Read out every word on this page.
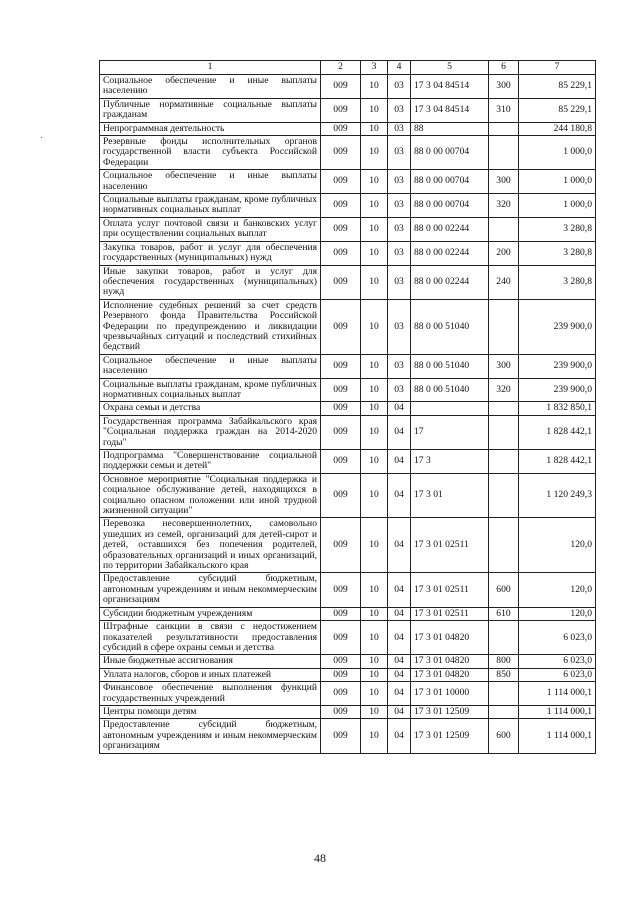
·
1	2	3	4	5	6	7
Социальное обеспечение и иные выплаты населению	009	10	03	17 3 04 84514	300	85 229,1
Публичные нормативные социальные выплаты гражданам	009	10	03	17 3 04 84514	310	85 229,1
Непрограммная деятельность	009	10	03	88		244 180,8
Резервные фонды исполнительных органов государственной власти субъекта Российской Федерации	009	10	03	88 0 00 00704		1 000,0
Социальное обеспечение и иные выплаты населению	009	10	03	88 0 00 00704	300	1 000,0
Социальные выплаты гражданам, кроме публичных нормативных социальных выплат	009	10	03	88 0 00 00704	320	1 000,0
Оплата услуг почтовой связи и банковских услуг при осуществлении социальных выплат	009	10	03	88 0 00 02244		3 280,8
Закупка товаров, работ и услуг для обеспечения государственных (муниципальных) нужд	009	10	03	88 0 00 02244	200	3 280,8
Иные закупки товаров, работ и услуг для обеспечения государственных (муниципальных) нужд	009	10	03	88 0 00 02244	240	3 280,8
Исполнение судебных решений за счет средств Резервного фонда Правительства Российской Федерации по предупреждению и ликвидации чрезвычайных ситуаций и последствий стихийных бедствий	009	10	03	88 0 00 51040		239 900,0
Социальное обеспечение и иные выплаты населению	009	10	03	88 0 00 51040	300	239 900,0
Социальные выплаты гражданам, кроме публичных нормативных социальных выплат	009	10	03	88 0 00 51040	320	239 900,0
Охрана семьи и детства	009	10	04			1 832 850,1
Государственная программа Забайкальского края "Социальная поддержка граждан на 2014-2020 годы"	009	10	04	17		1 828 442,1
Подпрограмма "Совершенствование социальной поддержки семьи и детей"	009	10	04	17 3		1 828 442,1
Основное мероприятие "Социальная поддержка и социальное обслуживание детей, находящихся в социально опасном положении или иной трудной жизненной ситуации"	009	10	04	17 3 01		1 120 249,3
Перевозка несовершеннолетних, самовольно ушедших из семей, организаций для детей-сирот и детей, оставшихся без попечения родителей, образовательных организаций и иных организаций, по территории Забайкальского края	009	10	04	17 3 01 02511		120,0
Предоставление субсидий бюджетным, автономным учреждениям и иным некоммерческим организациям	009	10	04	17 3 01 02511	600	120,0
Субсидии бюджетным учреждениям	009	10	04	17 3 01 02511	610	120,0
Штрафные санкции в связи с недостижением показателей результативности предоставления субсидий в сфере охраны семьи и детства	009	10	04	17 3 01 04820		6 023,0
Иные бюджетные ассигнования	009	10	04	17 3 01 04820	800	6 023,0
Уплата налогов, сборов и иных платежей	009	10	04	17 3 01 04820	850	6 023,0
Финансовое обеспечение выполнения функций государственных учреждений	009	10	04	17 3 01 10000		1 114 000,1
Центры помощи детям	009	10	04	17 3 01 12509		1 114 000,1
Предоставление субсидий бюджетным, автономным учреждениям и иным некоммерческим организациям	009	10	04	17 3 01 12509	600	1 114 000,1
48
